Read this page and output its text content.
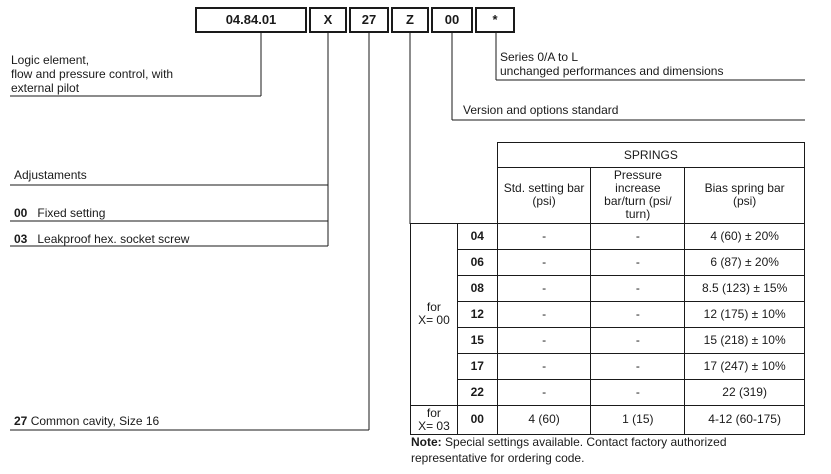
04.84.01	X	27	Z	00	*
Logic element,
flow and pressure control, with
external pilot
Series 0/A to L
unchanged performances and dimensions
Version and options standard
Adjustaments
00 Fixed setting
03 Leakproof hex. socket screw
27 Common cavity, Size 16
		SPRINGS		
		Std. setting bar (psi)	Pressure increase bar/turn (psi/ turn)	Bias spring bar (psi)

for
X= 00	04	-	-	4 (60) ± 20%
	06	-	-	6 (87) ± 20%
	08	-	-	8.5 (123) ± 15%
	12	-	-	12 (175) ± 10%
	15	-	-	15 (218) ± 10%
	17	-	-	17 (247) ± 10%
	22	-	-	22 (319)

for
X= 03	00	4 (60)	1 (15)	4-12 (60-175)
Note: Special settings available. Contact factory authorized
representative for ordering code.
